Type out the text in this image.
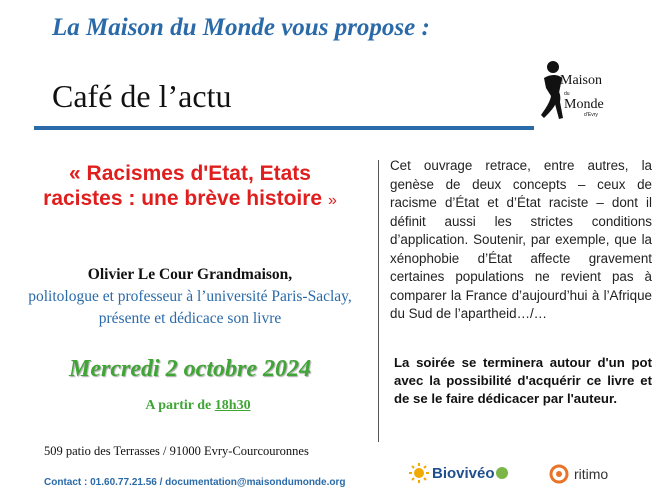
La Maison du Monde vous propose :
Café de l’actu	La Maison
du
Monde
d’Evry
« Racismes d'Etat, Etats racistes : une brève histoire »
Olivier Le Cour Grandmaison,
politologue et professeur à l’université Paris-Saclay, présente et dédicace son livre
Mercredi 2 octobre 2024
A partir de 18h30
Cet ouvrage retrace, entre autres, la genèse de deux concepts – ceux de racisme d’État et d’État raciste – dont il définit aussi les strictes conditions d’application. Soutenir, par exemple, que la xénophobie d’État affecte gravement certaines populations ne revient pas à comparer la France d’aujourd’hui à l’Afrique du Sud de l’apartheid…/…
La soirée se terminera autour d'un pot avec la possibilité d'acquérir ce livre et de se le faire dédicacer par l'auteur.
509 patio des Terrasses / 91000 Evry-Courcouronnes
Contact : 01.60.77.21.56 / documentation@maisondumonde.org
Biovivéo	ritimo
